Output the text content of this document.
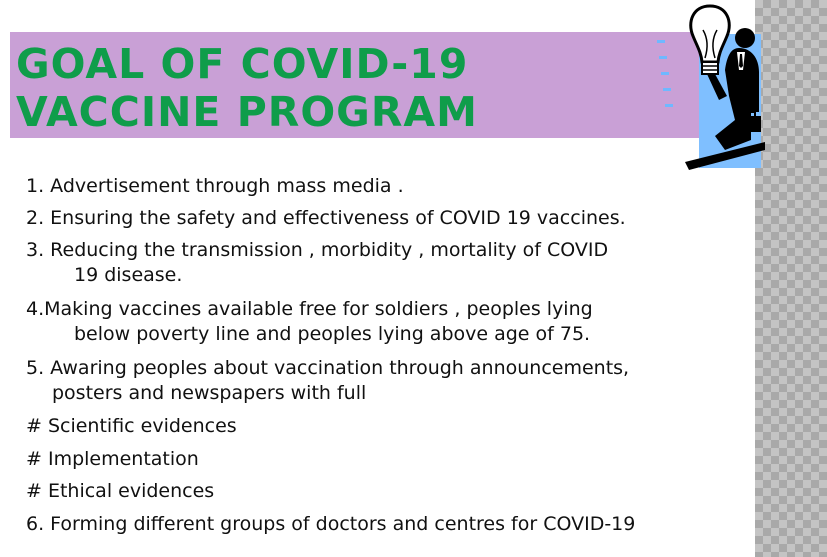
GOAL OF COVID-19
VACCINE PROGRAM
1. Advertisement through mass media .
2. Ensuring the safety and effectiveness of COVID 19 vaccines.
3. Reducing the transmission , morbidity , mortality of COVID
19 disease.
4.Making vaccines available free for soldiers , peoples lying
below poverty line and peoples lying above age of 75.
5. Awaring peoples about vaccination through announcements,
posters and newspapers with full
# Scientific evidences
# Implementation
# Ethical evidences
6. Forming different groups of doctors and centres for COVID-19
